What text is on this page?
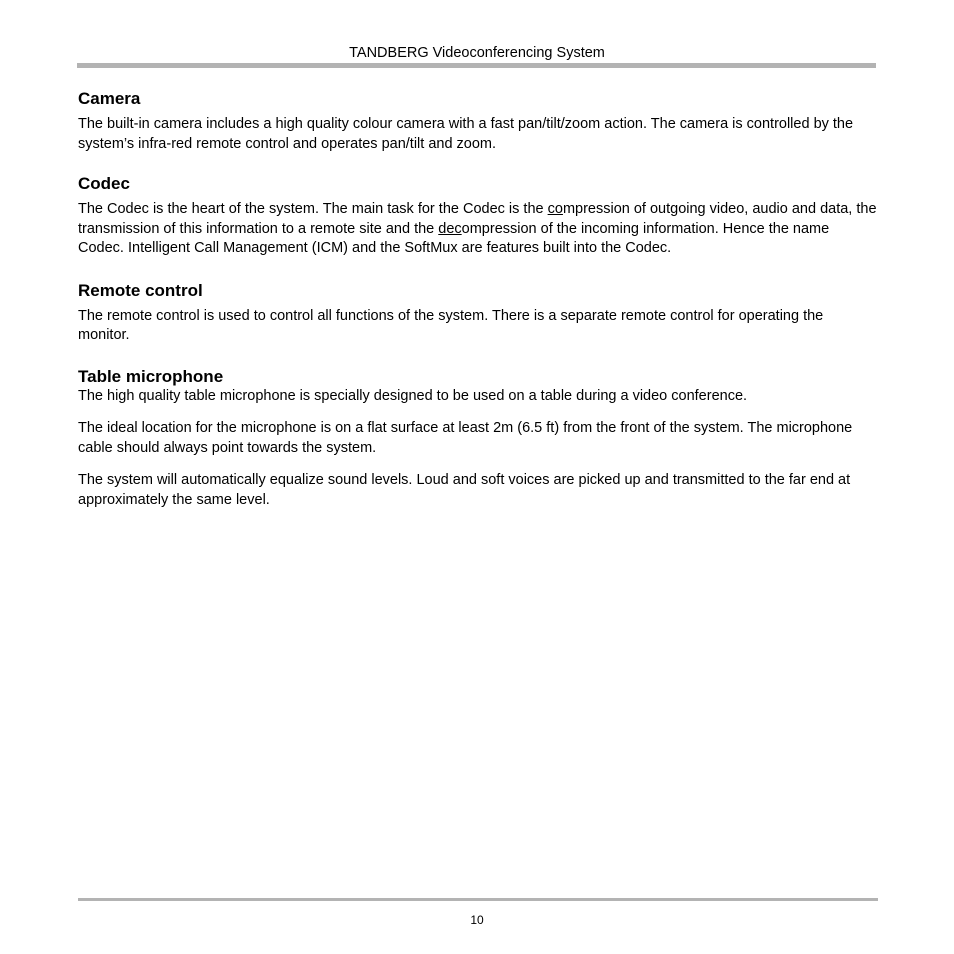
TANDBERG Videoconferencing System
Camera

The built-in camera includes a high quality colour camera with a fast pan/tilt/zoom action. The camera is controlled by the system’s infra-red remote control and operates pan/tilt and zoom.

Codec

The Codec is the heart of the system. The main task for the Codec is the compression of outgoing video, audio and data, the transmission of this information to a remote site and the decompression of the incoming information. Hence the name Codec. Intelligent Call Management (ICM) and the SoftMux are features built into the Codec.

Remote control

The remote control is used to control all functions of the system. There is a separate remote control for operating the monitor.

Table microphone

The high quality table microphone is specially designed to be used on a table during a video conference.

The ideal location for the microphone is on a flat surface at least 2m (6.5 ft) from the front of the system. The microphone cable should always point towards the system.

The system will automatically equalize sound levels. Loud and soft voices are picked up and transmitted to the far end at approximately the same level.

10
